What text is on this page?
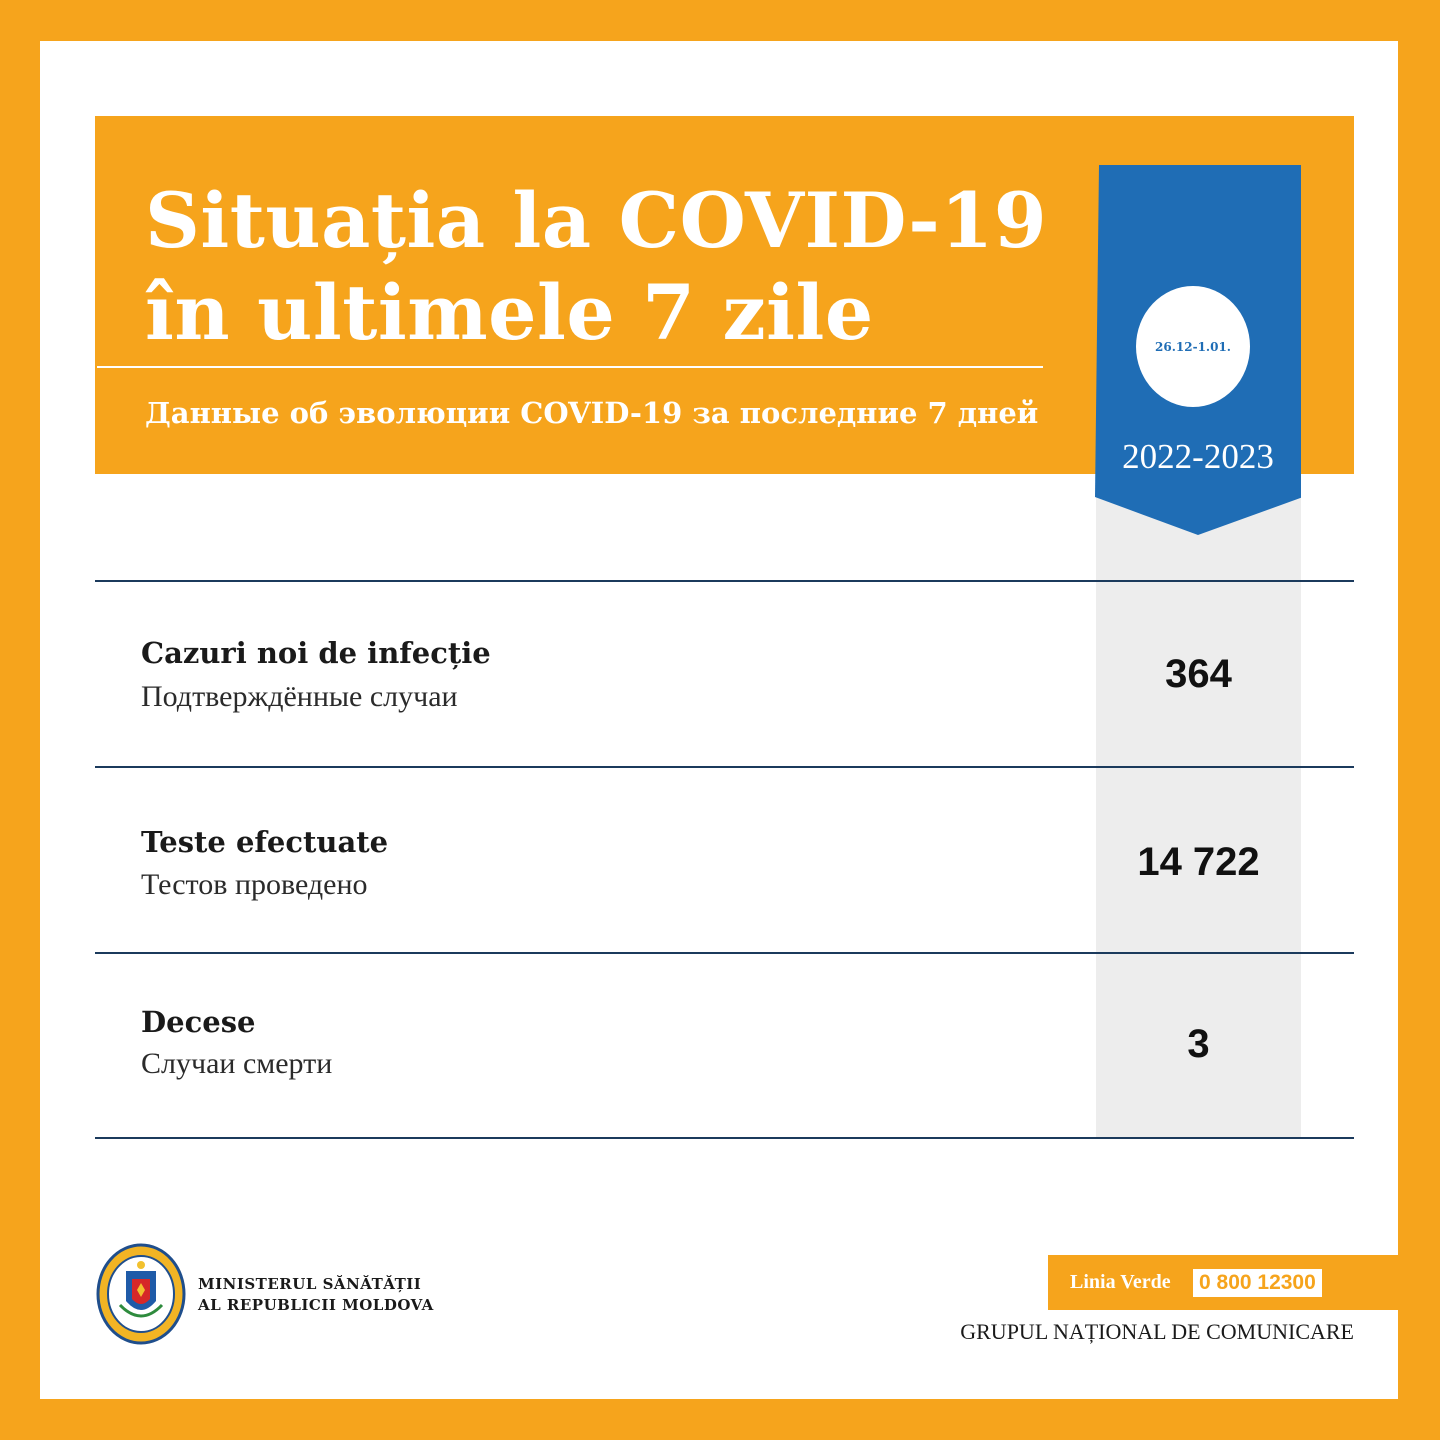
Situația la COVID-19
în ultimele 7 zile
Данные об эволюции COVID-19 за последние 7 дней
26.12-1.01.
2022-2023
Cazuri noi de infecție
Подтверждённые случаи
364
Teste efectuate
Тестов проведено
14 722
Decese
Случаи смерти	3
MINISTERUL SĂNĂTĂȚII
AL REPUBLICII MOLDOVA
Linia Verde 0 800 12300
GRUPUL NAȚIONAL DE COMUNICARE
